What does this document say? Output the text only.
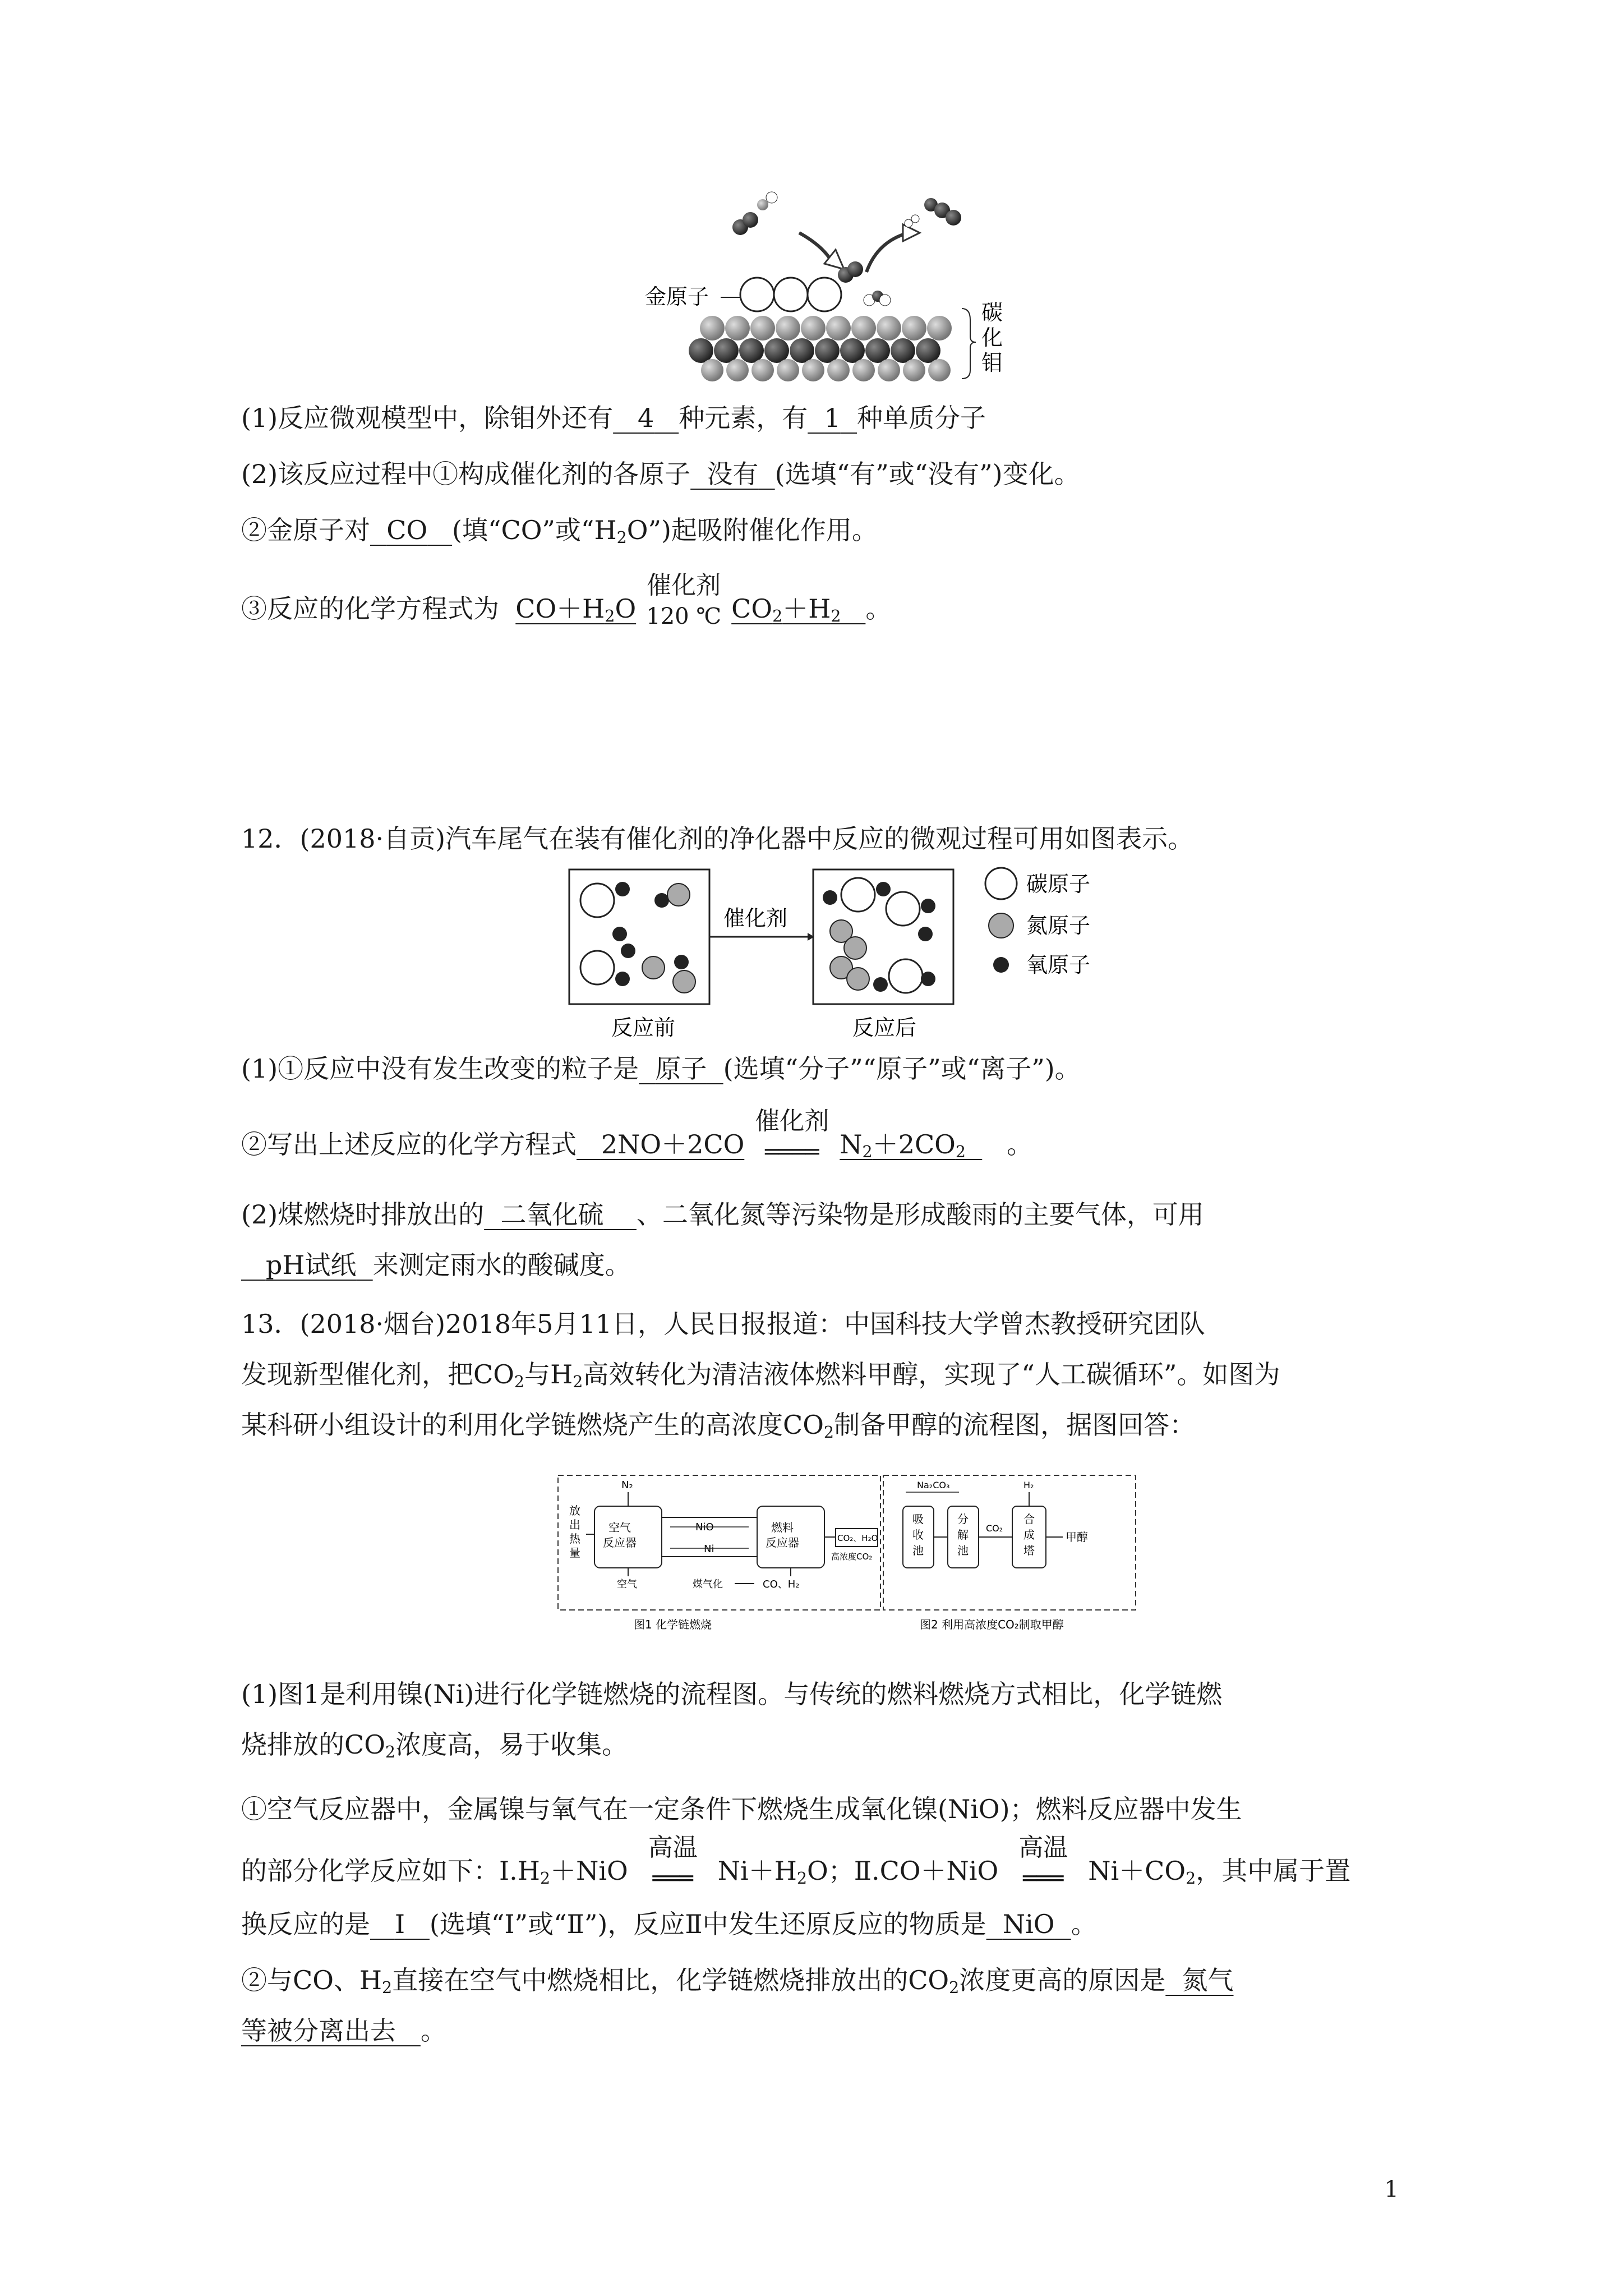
金原子
碳
化
钼
(1)反应微观模型中，除钼外还有 4 种元素，有 1 种单质分子
(2)该反应过程中①构成催化剂的各原子 没有 (选填“有”或“没有”)变化。
②金原子对 CO (填“CO”或“$H_2O$”)起吸附催化作用。
③反应的化学方程式为 $CO+H_2O$
催化剂
120 ℃ $CO_2+H_2$ 。
12．(2018·自贡)汽车尾气在装有催化剂的净化器中反应的微观过程可用如图表示。
催化剂
反应前	反应后
碳原子
氮原子
氧原子
(1)①反应中没有发生改变的粒子是 原子 (选填“分子”“原子”或“离子”)。
②写出上述反应的化学方程式 2NO＋2CO
催化剂
════ $N_2+2CO_2$ 。
(2)煤燃烧时排放出的 二氧化硫 、二氧化氮等污染物是形成酸雨的主要气体，可用
pH试纸 来测定雨水的酸碱度。
13．(2018·烟台)2018年5月11日，人民日报报道：中国科技大学曾杰教授研究团队
发现新型催化剂，把$CO_2$与$H_2$高效转化为清洁液体燃料甲醇，实现了“人工碳循环”。如图为
某科研小组设计的利用化学链燃烧产生的高浓度$CO_2$制备甲醇的流程图，据图回答：
放
出
热
量
空气
反应器
N₂
NiO
Ni
燃料
反应器	CO₂、H₂O
高浓度CO₂
空气	煤气化	CO、H₂
图1 化学链燃烧
Na₂CO₃
吸
收
池
分
解
池
CO₂
H₂
合
成
塔
甲醇
图2 利用高浓度CO₂制取甲醇
(1)图1是利用镍(Ni)进行化学链燃烧的流程图。与传统的燃料燃烧方式相比，化学链燃
烧排放的$CO_2$浓度高，易于收集。
①空气反应器中，金属镍与氧气在一定条件下燃烧生成氧化镍(NiO)；燃料反应器中发生
的部分化学反应如下：$Ⅰ.H_2+NiO$
高温
═══ $Ni+H_2O$；Ⅱ.CO＋NiO
高温
═══ $Ni+CO_2$，其中属于置
换反应的是 Ⅰ (选填“Ⅰ”或“Ⅱ”)，反应Ⅱ中发生还原反应的物质是 NiO 。
②与CO、$H_2$直接在空气中燃烧相比，化学链燃烧排放出的$CO_2$浓度更高的原因是 氮气
等被分离出去 。
1
